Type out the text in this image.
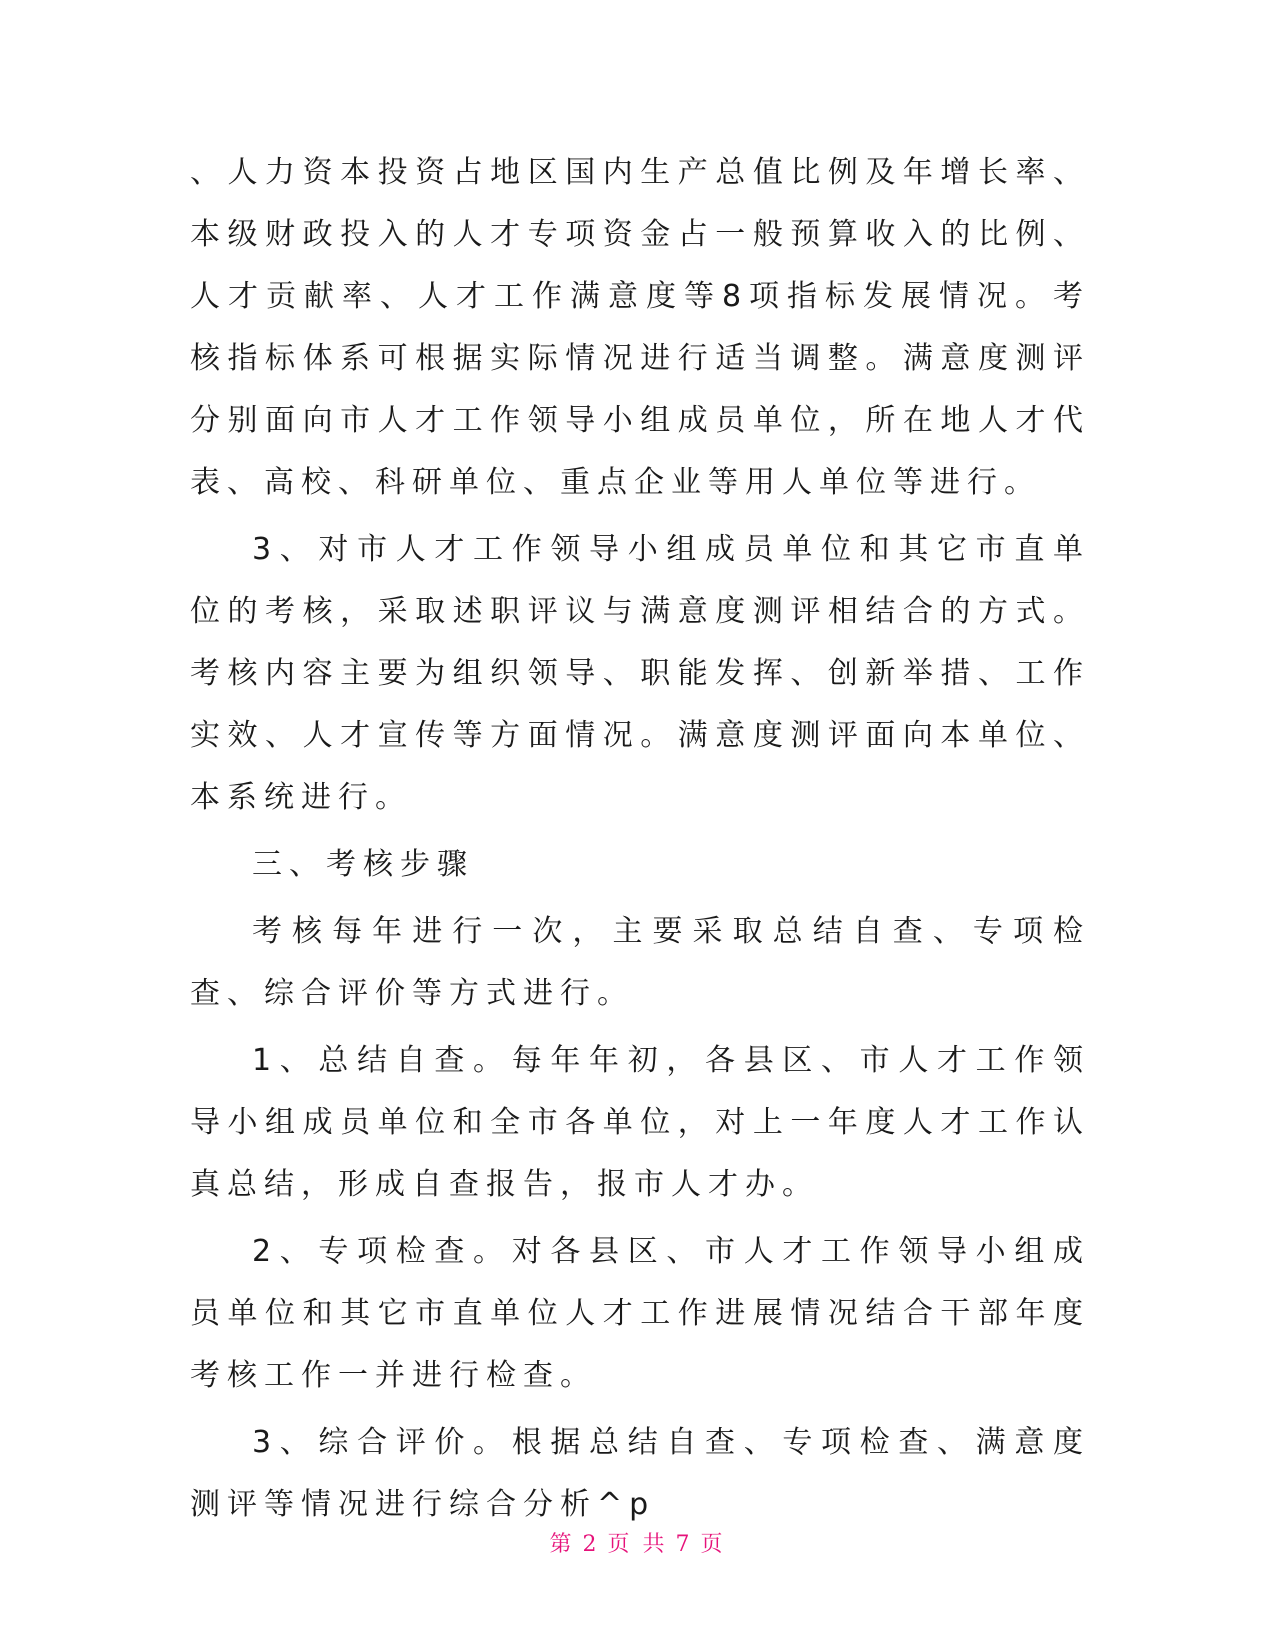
、人力资本投资占地区国内生产总值比例及年增长率、本级财政投入的人才专项资金占一般预算收入的比例、人才贡献率、人才工作满意度等8项指标发展情况。考核指标体系可根据实际情况进行适当调整。满意度测评分别面向市人才工作领导小组成员单位，所在地人才代表、高校、科研单位、重点企业等用人单位等进行。

3、对市人才工作领导小组成员单位和其它市直单位的考核，采取述职评议与满意度测评相结合的方式。考核内容主要为组织领导、职能发挥、创新举措、工作实效、人才宣传等方面情况。满意度测评面向本单位、本系统进行。

三、考核步骤

考核每年进行一次，主要采取总结自查、专项检查、综合评价等方式进行。

1、总结自查。每年年初，各县区、市人才工作领导小组成员单位和全市各单位，对上一年度人才工作认真总结，形成自查报告，报市人才办。

2、专项检查。对各县区、市人才工作领导小组成员单位和其它市直单位人才工作进展情况结合干部年度考核工作一并进行检查。

3、综合评价。根据总结自查、专项检查、满意度测评等情况进行综合分析^p

第 2 页 共 7 页
